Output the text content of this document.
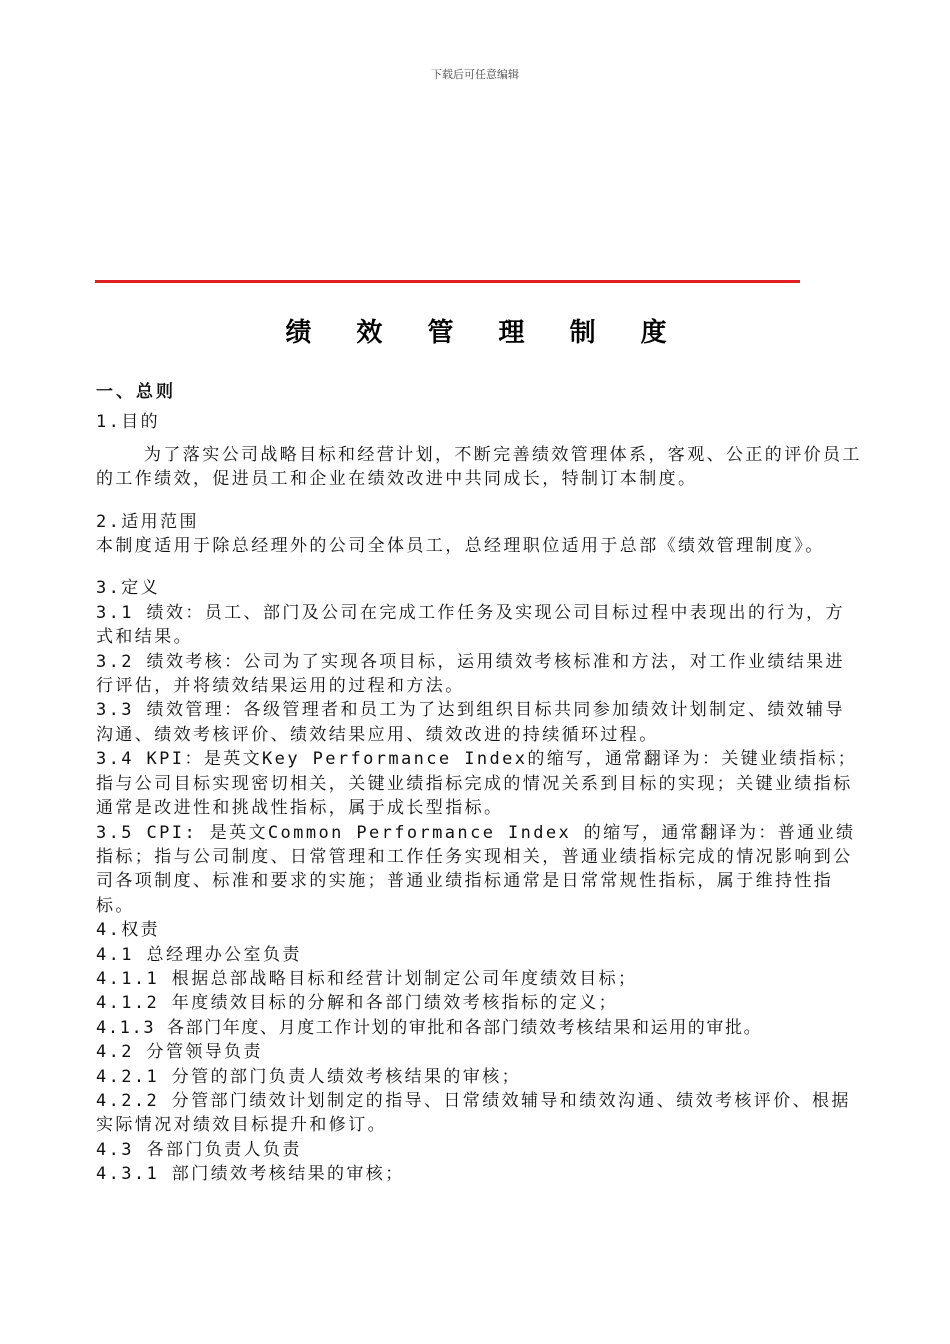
下载后可任意编辑
绩 效 管 理 制 度

一、总则

1.目的

为了落实公司战略目标和经营计划，不断完善绩效管理体系，客观、公正的评价员工的工作绩效，促进员工和企业在绩效改进中共同成长，特制订本制度。

2.适用范围

本制度适用于除总经理外的公司全体员工，总经理职位适用于总部《绩效管理制度》。

3.定义

3.1 绩效：员工、部门及公司在完成工作任务及实现公司目标过程中表现出的行为，方式和结果。

3.2 绩效考核：公司为了实现各项目标，运用绩效考核标准和方法，对工作业绩结果进行评估，并将绩效结果运用的过程和方法。

3.3 绩效管理：各级管理者和员工为了达到组织目标共同参加绩效计划制定、绩效辅导沟通、绩效考核评价、绩效结果应用、绩效改进的持续循环过程。

3.4 KPI：是英文Key Performance Index的缩写，通常翻译为：关键业绩指标；指与公司目标实现密切相关，关键业绩指标完成的情况关系到目标的实现；关键业绩指标通常是改进性和挑战性指标，属于成长型指标。

3.5 CPI: 是英文Common Performance Index 的缩写，通常翻译为：普通业绩指标；指与公司制度、日常管理和工作任务实现相关，普通业绩指标完成的情况影响到公司各项制度、标准和要求的实施；普通业绩指标通常是日常常规性指标，属于维持性指标。

4.权责

4.1 总经理办公室负责

4.1.1 根据总部战略目标和经营计划制定公司年度绩效目标；

4.1.2 年度绩效目标的分解和各部门绩效考核指标的定义；

4.1.3 各部门年度、月度工作计划的审批和各部门绩效考核结果和运用的审批。

4.2 分管领导负责

4.2.1 分管的部门负责人绩效考核结果的审核；

4.2.2 分管部门绩效计划制定的指导、日常绩效辅导和绩效沟通、绩效考核评价、根据实际情况对绩效目标提升和修订。

4.3 各部门负责人负责

4.3.1 部门绩效考核结果的审核；
